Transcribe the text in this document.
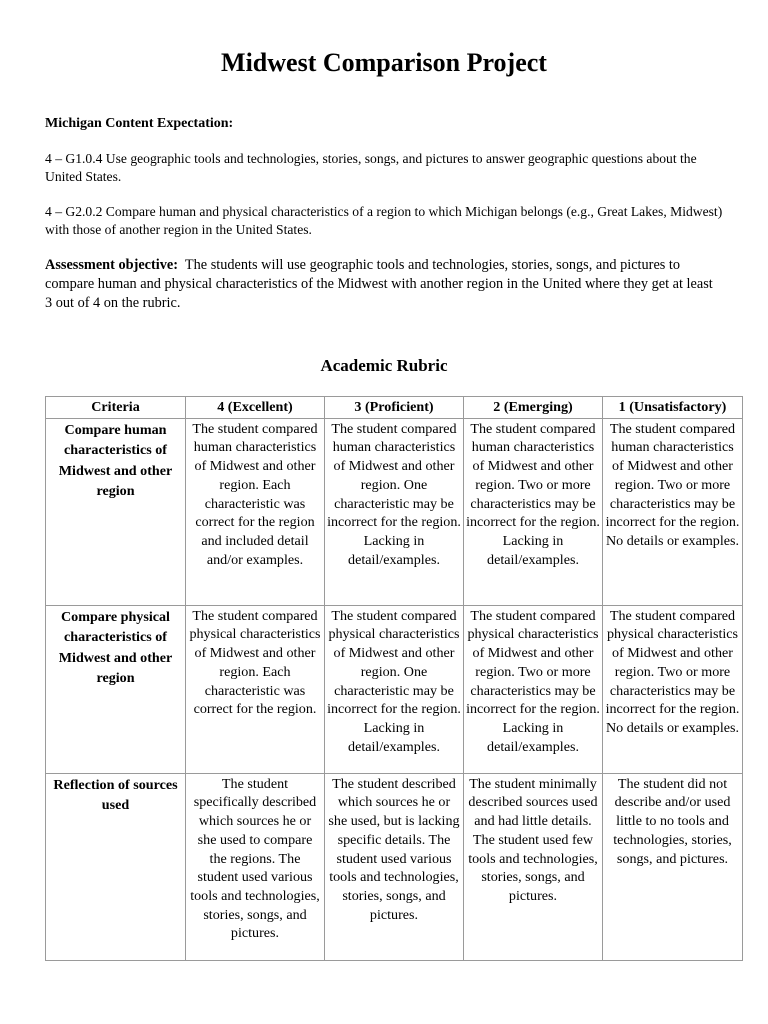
Midwest Comparison Project

Michigan Content Expectation:

4 – G1.0.4 Use geographic tools and technologies, stories, songs, and pictures to answer geographic questions about the United States.

4 – G2.0.2 Compare human and physical characteristics of a region to which Michigan belongs (e.g., Great Lakes, Midwest) with those of another region in the United States.

Assessment objective: The students will use geographic tools and technologies, stories, songs, and pictures to compare human and physical characteristics of the Midwest with another region in the United where they get at least 3 out of 4 on the rubric.

Academic Rubric
Criteria	4 (Excellent)	3 (Proficient)	2 (Emerging)	1 (Unsatisfactory)
Compare human characteristics of Midwest and other region	The student compared human characteristics of Midwest and other region. Each characteristic was correct for the region and included detail and/or examples.	The student compared human characteristics of Midwest and other region. One characteristic may be incorrect for the region. Lacking in detail/examples.	The student compared human characteristics of Midwest and other region. Two or more characteristics may be incorrect for the region. Lacking in detail/examples.	The student compared human characteristics of Midwest and other region. Two or more characteristics may be incorrect for the region. No details or examples.
Compare physical characteristics of Midwest and other region	The student compared physical characteristics of Midwest and other region. Each characteristic was correct for the region.	The student compared physical characteristics of Midwest and other region. One characteristic may be incorrect for the region. Lacking in detail/examples.	The student compared physical characteristics of Midwest and other region. Two or more characteristics may be incorrect for the region. Lacking in detail/examples.	The student compared physical characteristics of Midwest and other region. Two or more characteristics may be incorrect for the region. No details or examples.
Reflection of sources used	The student specifically described which sources he or she used to compare the regions. The student used various tools and technologies, stories, songs, and pictures.	The student described which sources he or she used, but is lacking specific details. The student used various tools and technologies, stories, songs, and pictures.	The student minimally described sources used and had little details. The student used few tools and technologies, stories, songs, and pictures.	The student did not describe and/or used little to no tools and technologies, stories, songs, and pictures.
